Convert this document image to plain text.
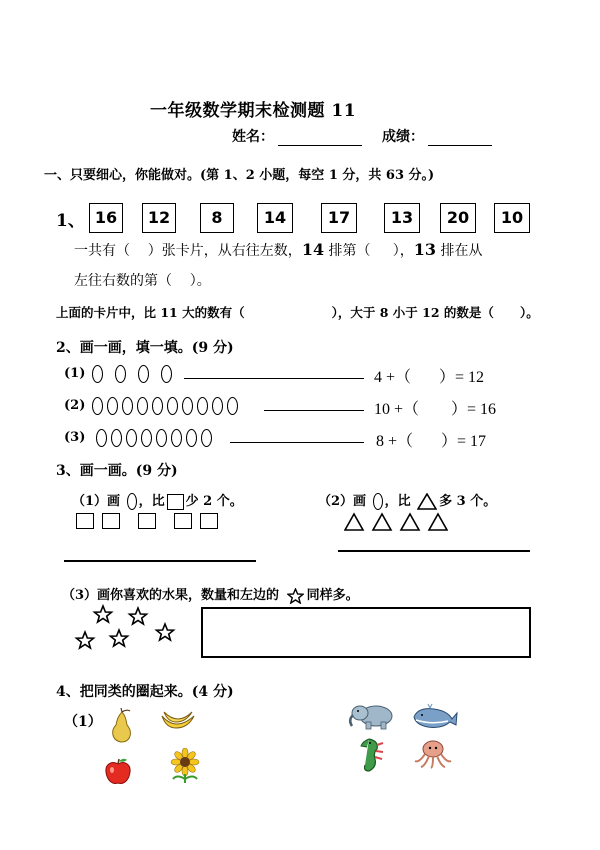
一年级数学期末检测题 11
姓名：	成绩：
一、只要细心，你能做对。(第 1、2 小题，每空 1 分，共 63 分。)
1、 16	12	8	14	17	13	20	10
一共有（    ）张卡片，从右往左数，14 排第（     ），13 排在从
左往右数的第（    ）。
上面的卡片中，比 11 大的数有（                    ），大于 8 小于 12 的数是（      ）。
2、画一画，填一填。(9 分)
(1)	4 +（       ）= 12
(2)	10 +（        ）= 16
(3)	8 +（       ）= 17
3、画一画。(9 分)
（1）画 ，比 少 2 个。	（2）画 ，比 多 3 个。
（3）画你喜欢的水果，数量和左边的 同样多。
4、把同类的圈起来。(4 分)
（1）
